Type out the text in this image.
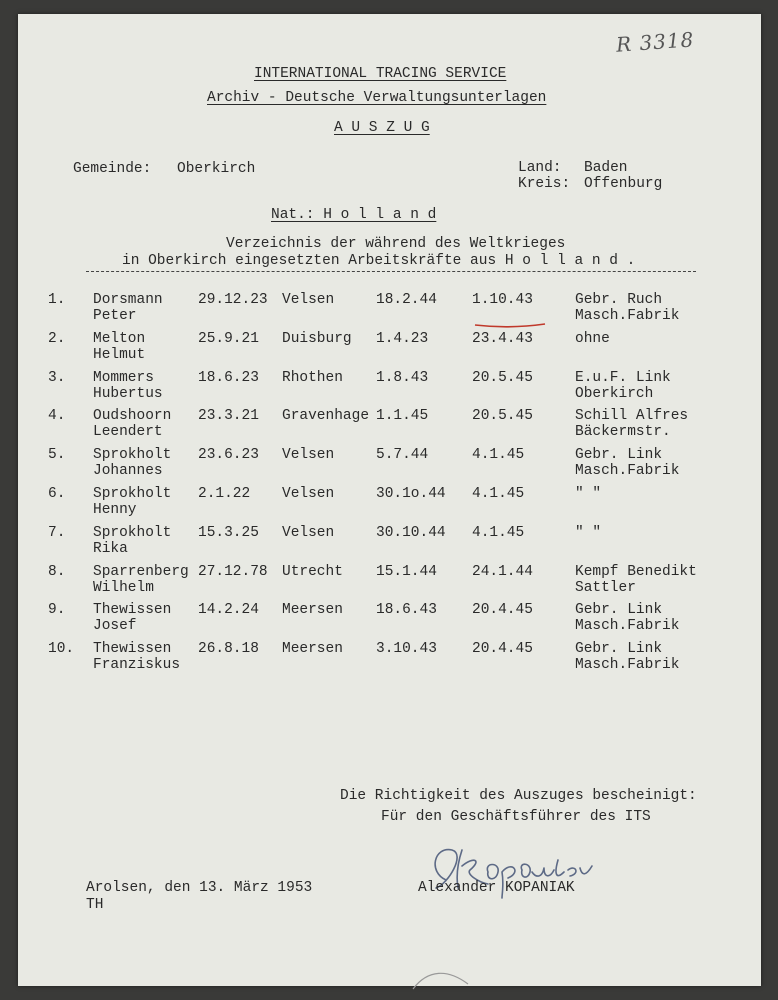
R 3318
INTERNATIONAL TRACING SERVICE
Archiv - Deutsche Verwaltungsunterlagen
A U S Z U G
Gemeinde: Oberkirch	Land: Baden
Kreis: Offenburg
Nat.: H o l l a n d
Verzeichnis der während des Weltkrieges
in Oberkirch eingesetzten Arbeitskräfte aus H o l l a n d .
1. Dorsmann
Peter
29.12.23 Velsen	18.2.44 1.10.43	Gebr. Ruch
Masch.Fabrik
2. Melton
Helmut
25.9.21 Duisburg 1.4.23	23.4.43	ohne
3. Mommers
Hubertus
18.6.23 Rhothen 1.8.43	20.5.45	E.u.F. Link
Oberkirch
4. Oudshoorn
Leendert
23.3.21 Gravenhage 1.1.45	20.5.45	Schill Alfres
Bäckermstr.
5. Sprokholt
Johannes
23.6.23 Velsen	5.7.44	4.1.45	Gebr. Link
Masch.Fabrik
6. Sprokholt
Henny
2.1.22 Velsen	30.1o.44 4.1.45	" "
7. Sprokholt
Rika
15.3.25 Velsen	30.10.44 4.1.45	" "
8. Sparrenberg
Wilhelm
27.12.78 Utrecht 15.1.44 24.1.44	Kempf Benedikt
Sattler
9. Thewissen
Josef
14.2.24 Meersen 18.6.43 20.4.45	Gebr. Link
Masch.Fabrik
10. Thewissen
Franziskus
26.8.18 Meersen 3.10.43 20.4.45	Gebr. Link
Masch.Fabrik
Die Richtigkeit des Auszuges bescheinigt:
Für den Geschäftsführer des ITS
Alexander KOPANIAK
Arolsen, den 13. März 1953
TH
